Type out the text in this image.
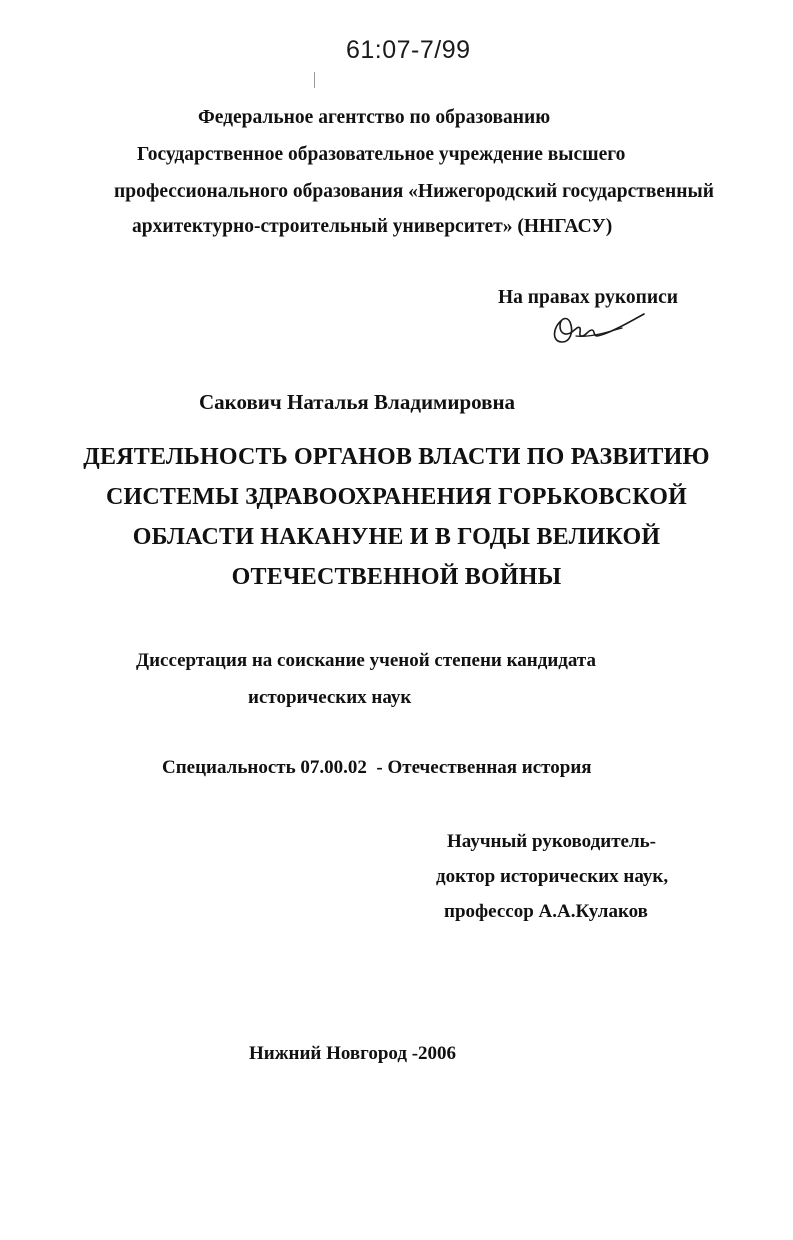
61:07-7/99
Федеральное агентство по образованию
Государственное образовательное учреждение высшего
профессионального образования «Нижегородский государственный
архитектурно-строительный университет» (ННГАСУ)
На правах рукописи
Сакович Наталья Владимировна
ДЕЯТЕЛЬНОСТЬ ОРГАНОВ ВЛАСТИ ПО РАЗВИТИЮ
СИСТЕМЫ ЗДРАВООХРАНЕНИЯ ГОРЬКОВСКОЙ
ОБЛАСТИ НАКАНУНЕ И В ГОДЫ ВЕЛИКОЙ
ОТЕЧЕСТВЕННОЙ ВОЙНЫ
Диссертация на соискание ученой степени кандидата
исторических наук
Специальность 07.00.02  - Отечественная история
Научный руководитель-
доктор исторических наук,
профессор А.А.Кулаков
Нижний Новгород -2006
